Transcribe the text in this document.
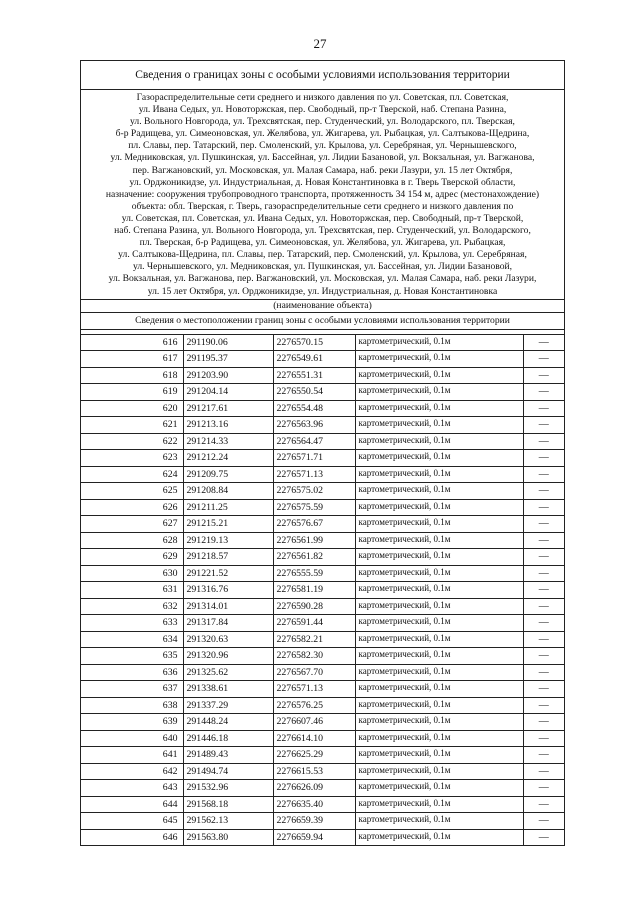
27
Сведения о границах зоны с особыми условиями использования территории
Газораспределительные сети среднего и низкого давления по ул. Советская, пл. Советская,
ул. Ивана Седых, ул. Новоторжская, пер. Свободный, пр-т Тверской, наб. Степана Разина,
ул. Вольного Новгорода, ул. Трехсвятская, пер. Студенческий, ул. Володарского, пл. Тверская,
б-р Радищева, ул. Симеоновская, ул. Желябова, ул. Жигарева, ул. Рыбацкая, ул. Салтыкова-Щедрина,
пл. Славы, пер. Татарский, пер. Смоленский, ул. Крылова, ул. Серебряная, ул. Чернышевского,
ул. Медниковская, ул. Пушкинская, ул. Бассейная, ул. Лидии Базановой, ул. Вокзальная, ул. Вагжанова,
пер. Вагжановский, ул. Московская, ул. Малая Самара, наб. реки Лазури, ул. 15 лет Октября,
ул. Орджоникидзе, ул. Индустриальная, д. Новая Константиновка в г. Тверь Тверской области,
назначение: сооружения трубопроводного транспорта, протяженность 34 154 м, адрес (местонахождение)
объекта: обл. Тверская, г. Тверь, газораспределительные сети среднего и низкого давления по
ул. Советская, пл. Советская, ул. Ивана Седых, ул. Новоторжская, пер. Свободный, пр-т Тверской,
наб. Степана Разина, ул. Вольного Новгорода, ул. Трехсвятская, пер. Студенческий, ул. Володарского,
пл. Тверская, б-р Радищева, ул. Симеоновская, ул. Желябова, ул. Жигарева, ул. Рыбацкая,
ул. Салтыкова-Щедрина, пл. Славы, пер. Татарский, пер. Смоленский, ул. Крылова, ул. Серебряная,
ул. Чернышевского, ул. Медниковская, ул. Пушкинская, ул. Бассейная, ул. Лидии Базановой,
ул. Вокзальная, ул. Вагжанова, пер. Вагжановский, ул. Московская, ул. Малая Самара, наб. реки Лазури,
ул. 15 лет Октября, ул. Орджоникидзе, ул. Индустриальная, д. Новая Константиновка
(наименование объекта)
Сведения о местоположении границ зоны с особыми условиями использования территории
616	291190.06	2276570.15	картометрический, 0.1м	—
617	291195.37	2276549.61	картометрический, 0.1м	—
618	291203.90	2276551.31	картометрический, 0.1м	—
619	291204.14	2276550.54	картометрический, 0.1м	—
620	291217.61	2276554.48	картометрический, 0.1м	—
621	291213.16	2276563.96	картометрический, 0.1м	—
622	291214.33	2276564.47	картометрический, 0.1м	—
623	291212.24	2276571.71	картометрический, 0.1м	—
624	291209.75	2276571.13	картометрический, 0.1м	—
625	291208.84	2276575.02	картометрический, 0.1м	—
626	291211.25	2276575.59	картометрический, 0.1м	—
627	291215.21	2276576.67	картометрический, 0.1м	—
628	291219.13	2276561.99	картометрический, 0.1м	—
629	291218.57	2276561.82	картометрический, 0.1м	—
630	291221.52	2276555.59	картометрический, 0.1м	—
631	291316.76	2276581.19	картометрический, 0.1м	—
632	291314.01	2276590.28	картометрический, 0.1м	—
633	291317.84	2276591.44	картометрический, 0.1м	—
634	291320.63	2276582.21	картометрический, 0.1м	—
635	291320.96	2276582.30	картометрический, 0.1м	—
636	291325.62	2276567.70	картометрический, 0.1м	—
637	291338.61	2276571.13	картометрический, 0.1м	—
638	291337.29	2276576.25	картометрический, 0.1м	—
639	291448.24	2276607.46	картометрический, 0.1м	—
640	291446.18	2276614.10	картометрический, 0.1м	—
641	291489.43	2276625.29	картометрический, 0.1м	—
642	291494.74	2276615.53	картометрический, 0.1м	—
643	291532.96	2276626.09	картометрический, 0.1м	—
644	291568.18	2276635.40	картометрический, 0.1м	—
645	291562.13	2276659.39	картометрический, 0.1м	—
646	291563.80	2276659.94	картометрический, 0.1м	—
